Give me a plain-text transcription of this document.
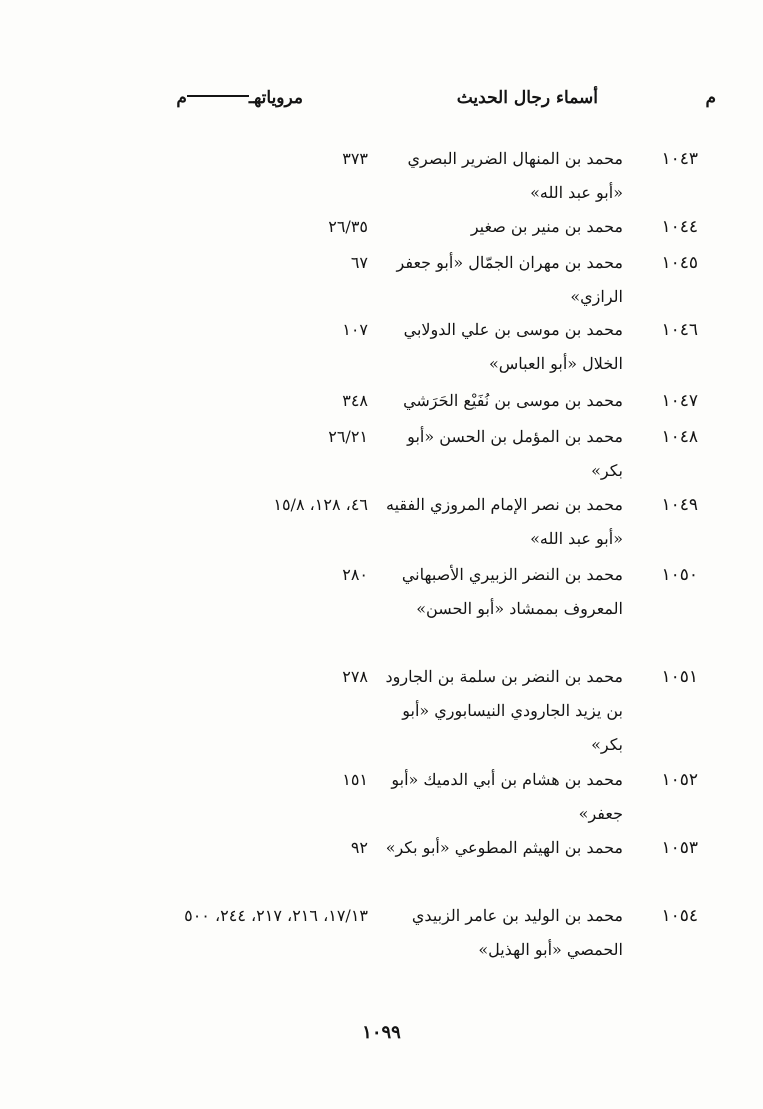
م
أسماء رجال الحديث
مروياتهـم
١٠٤٣
محمد بن المنهال الضرير البصري «أبو عبد الله»
٣٧٣
١٠٤٤
محمد بن منير بن صغير
٢٦/٣٥
١٠٤٥
محمد بن مهران الجمّال «أبو جعفر الرازي»
٦٧
١٠٤٦
محمد بن موسى بن علي الدولابي الخلال «أبو العباس»
١٠٧
١٠٤٧
محمد بن موسى بن نُفَيْع الحَرَشي
٣٤٨
١٠٤٨
محمد بن المؤمل بن الحسن «أبو بكر»
٢٦/٢١
١٠٤٩
محمد بن نصر الإمام المروزي الفقيه «أبو عبد الله»
٤٦، ١٢٨، ١٥/٨
١٠٥٠
محمد بن النضر الزبيري الأصبهاني المعروف بممشاد «أبو الحسن»
٢٨٠
١٠٥١
محمد بن النضر بن سلمة بن الجارود بن يزيد الجارودي النيسابوري «أبو بكر»
٢٧٨
١٠٥٢
محمد بن هشام بن أبي الدميك «أبو جعفر»
١٥١
١٠٥٣
محمد بن الهيثم المطوعي «أبو بكر»
٩٢
١٠٥٤
محمد بن الوليد بن عامر الزبيدي الحمصي «أبو الهذيل»
١٧/١٣، ٢١٦، ٢١٧، ٢٤٤، ٥٠٠
١٠٩٩
